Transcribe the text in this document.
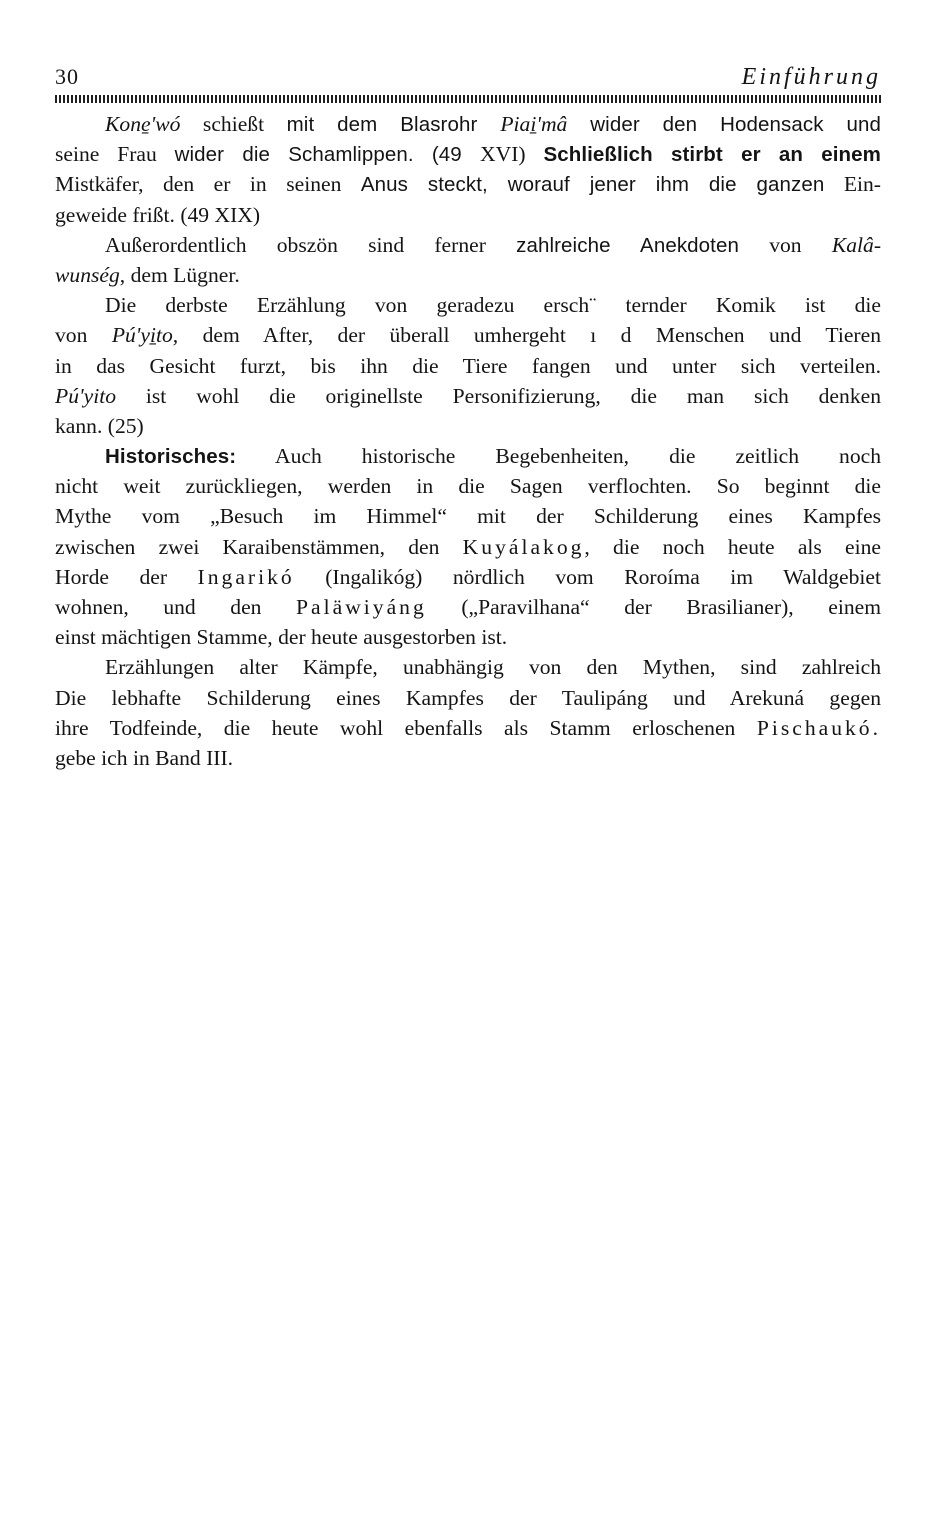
30	Einführung
Kone̱'wó schießt mit dem Blasrohr Piai̱'mâ wider den Hodensack und
seine Frau wider die Schamlippen. (49 XVI) Schließlich stirbt er an einem
Mistkäfer, den er in seinen Anus steckt, worauf jener ihm die ganzen Ein-
geweide frißt. (49 XIX)
Außerordentlich obszön sind ferner zahlreiche Anekdoten von Kalâ-
wunség, dem Lügner.
Die derbste Erzählung von geradezu ersch¨ ternder Komik ist die
von Pú'yi̱to, dem After, der überall umhergeht ı d Menschen und Tieren
in das Gesicht furzt, bis ihn die Tiere fangen und unter sich verteilen.
Pú'yito ist wohl die originellste Personifizierung, die man sich denken
kann. (25)
Historisches: Auch historische Begebenheiten, die zeitlich noch
nicht weit zurückliegen, werden in die Sagen verflochten. So beginnt die
Mythe vom „Besuch im Himmel“ mit der Schilderung eines Kampfes
zwischen zwei Karaibenstämmen, den Kuyálakog, die noch heute als eine
Horde der Ingarikó (Ingalikóg) nördlich vom Roroíma im Waldgebiet
wohnen, und den Paläwiyáng („Paravilhana“ der Brasilianer), einem
einst mächtigen Stamme, der heute ausgestorben ist.
Erzählungen alter Kämpfe, unabhängig von den Mythen, sind zahlreich
Die lebhafte Schilderung eines Kampfes der Taulipáng und Arekuná gegen
ihre Todfeinde, die heute wohl ebenfalls als Stamm erloschenen Pischaukó.
gebe ich in Band III.
